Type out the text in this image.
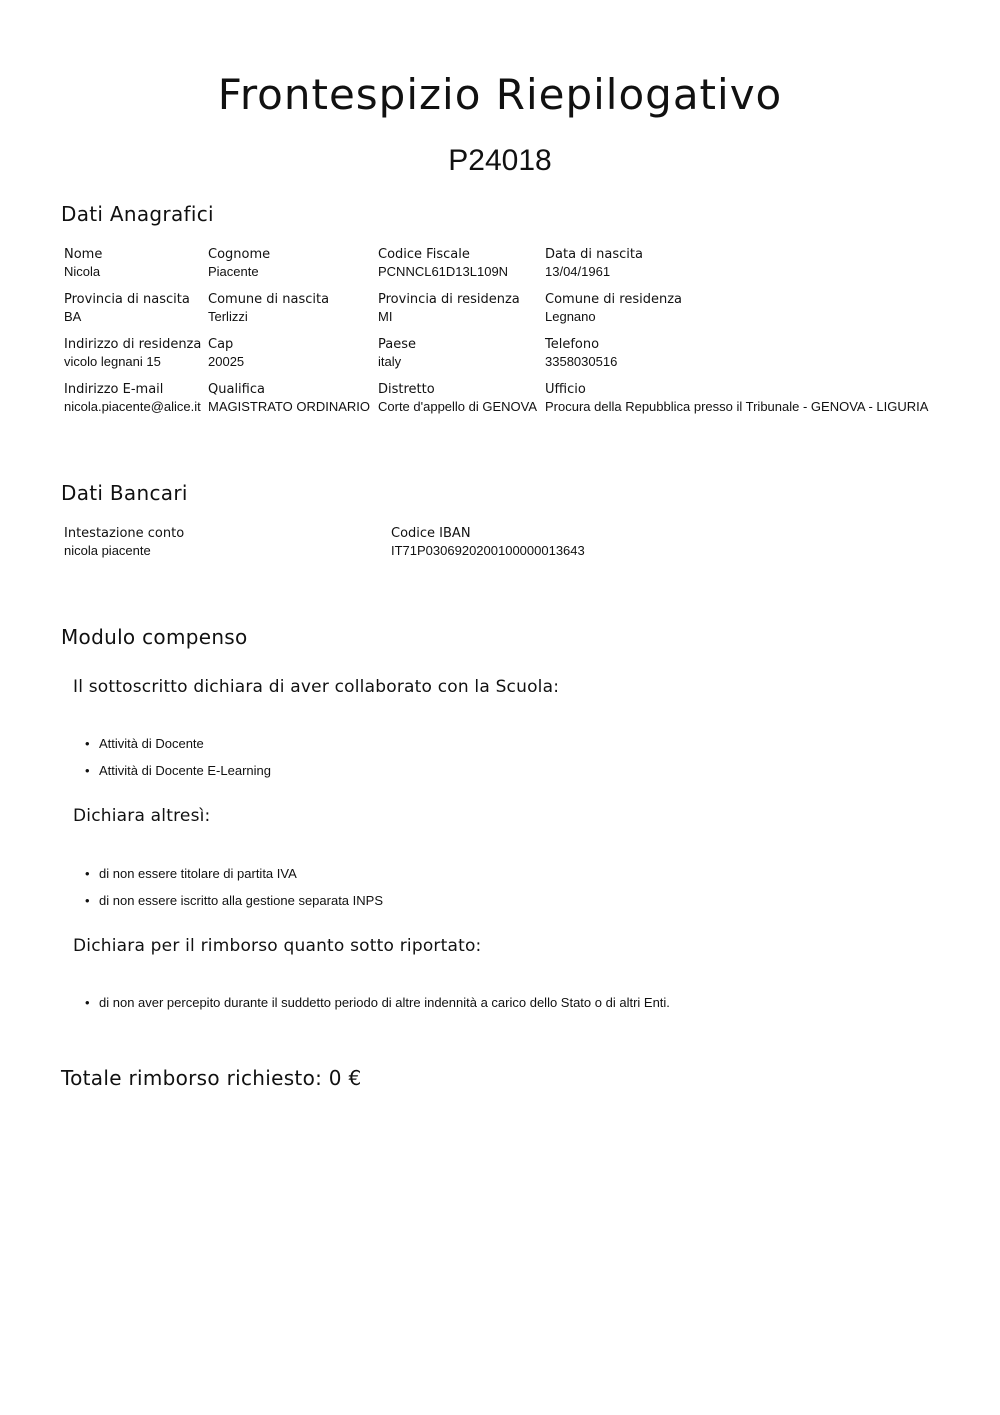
Frontespizio Riepilogativo
P24018
Dati Anagrafici
Nome
Nicola
Cognome
Piacente
Codice Fiscale
PCNNCL61D13L109N
Data di nascita
13/04/1961
Provincia di nascita
BA
Comune di nascita
Terlizzi
Provincia di residenza
MI
Comune di residenza
Legnano
Indirizzo di residenza
vicolo legnani 15
Cap
20025
Paese
italy
Telefono
3358030516
Indirizzo E-mail
nicola.piacente@alice.it
Qualifica
MAGISTRATO ORDINARIO
Distretto
Corte d'appello di GENOVA
Ufficio
Procura della Repubblica presso il Tribunale - GENOVA - LIGURIA
Dati Bancari
Intestazione conto
nicola piacente
Codice IBAN
IT71P0306920200100000013643
Modulo compenso
Il sottoscritto dichiara di aver collaborato con la Scuola:
• Attività di Docente
• Attività di Docente E-Learning
Dichiara altresì:
• di non essere titolare di partita IVA
• di non essere iscritto alla gestione separata INPS
Dichiara per il rimborso quanto sotto riportato:
• di non aver percepito durante il suddetto periodo di altre indennità a carico dello Stato o di altri Enti.
Totale rimborso richiesto: 0 €
